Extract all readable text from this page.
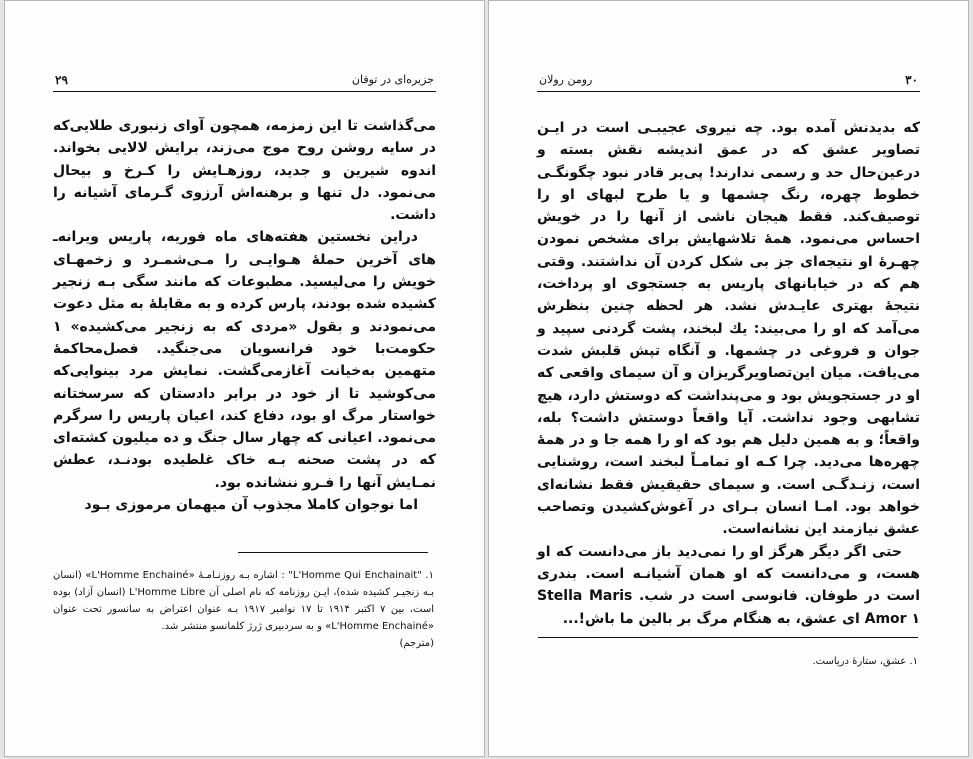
۲۹	جزیره‌ای در توفان

می‌گذاشت تا این زمزمه، همچون آوای زنبوری طلایی‌که در سایه روشن روح موج می‌زند، برایش لالایی بخواند. اندوه شیرین و جدید، روزهـایش را کـرخ و بیحال می‌نمود. دل تنها و برهنه‌اش آرزوی گـرمای آشیانه را داشت.

دراین نخستین هفته‌های ماه فوریه، پاریس ویرانه‌ـ های آخرین حملهٔ هـوایـی را مـی‌شمـرد و زخمهـای خویش را می‌لیسید. مطبوعات که مانند سگی بـه زنجیر کشیده شده بودند، پارس کرده و به مقابلهٔ به مثل دعوت می‌نمودند و بقول «مردی که به زنجیر می‌کشیده» ۱ حکومت‌با خود فرانسویان می‌جنگید. فصل‌محاکمهٔ متهمین به‌خیانت آغازمی‌گشت. نمایش مرد بینوایی‌که می‌کوشید تا از خود در برابر دادستان که سرسختانه خواستار مرگ او بود، دفاع کند، اعیان پاریس را سرگرم می‌نمود. اعیانی که چهار سال جنگ و ده میلیون کشته‌ای که در پشت صحنه بـه خاک غلطیده بودنـد، عطش نمـایش آنها را فـرو ننشانده بود.

اما نوجوان کاملا مجذوب آن میهمان مرموزی بـود

۱. "L'Homme Qui Enchainait" : اشاره بـه روزنـامـهٔ «L'Homme Enchainé» (انسان بـه زنجیـر کشیده شده)، ایـن روزنامه که نام اصلی آن L'Homme Libre (انسان آزاد) بوده است، بین ۷ اکتبر ۱۹۱۴ تا ۱۷ نوامبر ۱۹۱۷ بـه عنوان اعتراض به سانسور تحت عنوان «L'Homme Enchainé» و به سردبیری ژرژ کلمانسو منتشر شد.

(مترجم)

۳۰
رومن رولان

که بدیدنش آمده بود. چه نیروی عجیبـی است در ایـن تصاویر عشق که در عمق اندیشه نقش بسته و درعین‌حال حد و رسمی ندارند! پی‌یر قادر نبود چگونگـی خطوط چهره، رنگ چشمها و یا طرح لبهای او را توصیف‌کند. فقط هیجان ناشی از آنها را در خویش احساس می‌نمود. همهٔ تلاشهایش برای مشخص نمودن چهـرهٔ او نتیجه‌ای جز بی شکل کردن آن نداشتند. وقتی هم که در خیابانهای پاریس به جستجوی او پرداخت، نتیجهٔ بهتری عایـدش نشد. هر لحظه چنین بنظرش می‌آمد که او را می‌بیند: یك لبخند، پشت گردنی سپید و جوان و فروغی در چشمها. و آنگاه تپش قلبش شدت می‌یافت. میان این‌تصاویرگریزان و آن سیمای واقعی که او در جستجویش بود و می‌پنداشت که دوستش دارد، هیچ تشابهی وجود نداشت. آیا واقعاً دوستش داشت؟ بله، واقعاً؛ و به همین دلیل هم بود که او را همه جا و در همهٔ چهره‌ها می‌دید. چرا کـه او تمامـاً لبخند است، روشنایی است، زنـدگـی است. و سیمای حقیقیش فقط نشانه‌ای خواهد بود. امـا انسان بـرای در آغوش‌کشیدن وتصاحب عشق نیازمند این نشانه‌است.

حتی اگر دیگر هرگز او را نمی‌دید باز می‌دانست که او هست، و می‌دانست که او همان آشیانـه است. بندری است در طوفان. فانوسی است در شب. Stella Maris Amor ۱ ای عشق، به هنگام مرگ بر بالین ما باش!...

۱. عشق، ستارهٔ دریاست.
